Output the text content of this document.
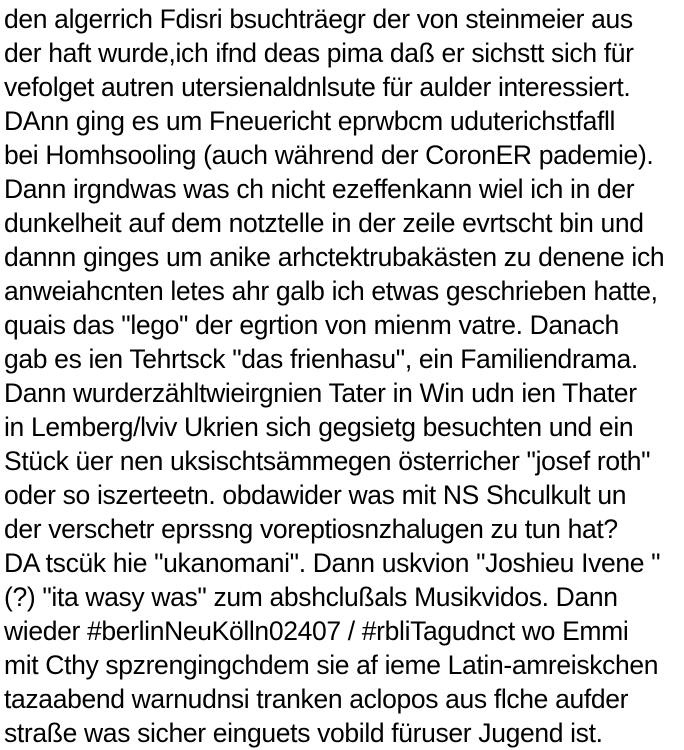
den algerrich Fdisri bsuchträegr der von steinmeier aus
der haft wurde,ich ifnd deas pima daß er sichstt sich für
vefolget autren utersienaldnlsute für aulder interessiert.
DAnn ging es um Fneuericht eprwbcm uduterichstfafll
bei Homhsooling (auch während der CoronER pademie).
Dann irgndwas was ch nicht ezeffenkann wiel ich in der
dunkelheit auf dem notztelle in der zeile evrtscht bin und
dannn ginges um anike arhctektrubakästen zu denene ich
anweiahcnten letes ahr galb ich etwas geschrieben hatte,
quais das "lego" der egrtion von mienm vatre. Danach
gab es ien Tehrtsck "das frienhasu", ein Familiendrama.
Dann wurderzähltwieirgnien Tater in Win udn ien Thater
in Lemberg/lviv Ukrien sich gegsietg besuchten und ein
Stück üer nen uksischtsämmegen österricher "josef roth"
oder so iszerteetn. obdawider was mit NS Shculkult un
der verschetr eprssng voreptiosnzhalugen zu tun hat?
DA tscük hie "ukanomani". Dann uskvion "Joshieu Ivene "
(?) "ita wasy was" zum abshclußals Musikvidos. Dann
wieder #berlinNeuKölln02407 / #rbliTagudnct wo Emmi
mit Cthy spzrengingchdem sie af ieme Latin-amreiskchen
tazaabend warnudnsi tranken aclopos aus flche aufder
straße was sicher einguets vobild füruser Jugend ist.
